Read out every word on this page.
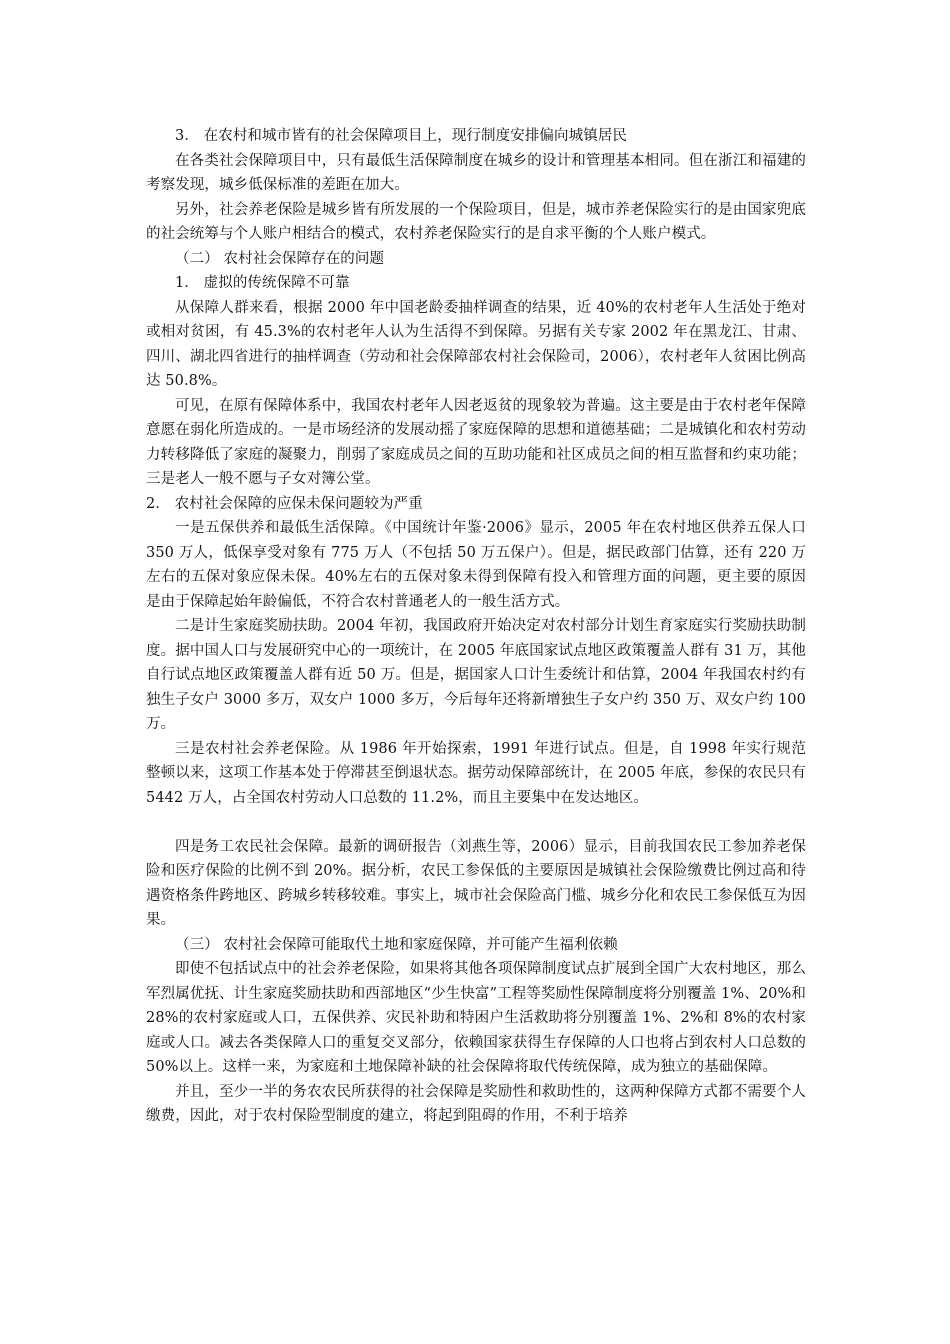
3． 在农村和城市皆有的社会保障项目上，现行制度安排偏向城镇居民

在各类社会保障项目中，只有最低生活保障制度在城乡的设计和管理基本相同。但在浙江和福建的考察发现，城乡低保标准的差距在加大。

另外，社会养老保险是城乡皆有所发展的一个保险项目，但是，城市养老保险实行的是由国家兜底的社会统筹与个人账户相结合的模式，农村养老保险实行的是自求平衡的个人账户模式。

（二） 农村社会保障存在的问题

1． 虚拟的传统保障不可靠

从保障人群来看，根据 2000 年中国老龄委抽样调查的结果，近 40%的农村老年人生活处于绝对或相对贫困，有 45.3%的农村老年人认为生活得不到保障。另据有关专家 2002 年在黑龙江、甘肃、四川、湖北四省进行的抽样调查（劳动和社会保障部农村社会保险司，2006），农村老年人贫困比例高达 50.8%。

可见，在原有保障体系中，我国农村老年人因老返贫的现象较为普遍。这主要是由于农村老年保障意愿在弱化所造成的。一是市场经济的发展动摇了家庭保障的思想和道德基础；二是城镇化和农村劳动力转移降低了家庭的凝聚力，削弱了家庭成员之间的互助功能和社区成员之间的相互监督和约束功能；三是老人一般不愿与子女对簿公堂。

2． 农村社会保障的应保未保问题较为严重

一是五保供养和最低生活保障。《中国统计年鉴·2006》显示，2005 年在农村地区供养五保人口 350 万人，低保享受对象有 775 万人（不包括 50 万五保户）。但是，据民政部门估算，还有 220 万左右的五保对象应保未保。40%左右的五保对象未得到保障有投入和管理方面的问题，更主要的原因是由于保障起始年龄偏低，不符合农村普通老人的一般生活方式。

二是计生家庭奖励扶助。2004 年初，我国政府开始决定对农村部分计划生育家庭实行奖励扶助制度。据中国人口与发展研究中心的一项统计，在 2005 年底国家试点地区政策覆盖人群有 31 万，其他自行试点地区政策覆盖人群有近 50 万。但是，据国家人口计生委统计和估算，2004 年我国农村约有独生子女户 3000 多万，双女户 1000 多万，今后每年还将新增独生子女户约 350 万、双女户约 100 万。

三是农村社会养老保险。从 1986 年开始探索，1991 年进行试点。但是，自 1998 年实行规范整顿以来，这项工作基本处于停滞甚至倒退状态。据劳动保障部统计，在 2005 年底，参保的农民只有 5442 万人，占全国农村劳动人口总数的 11.2%，而且主要集中在发达地区。

四是务工农民社会保障。最新的调研报告（刘燕生等，2006）显示，目前我国农民工参加养老保险和医疗保险的比例不到 20%。据分析，农民工参保低的主要原因是城镇社会保险缴费比例过高和待遇资格条件跨地区、跨城乡转移较难。事实上，城市社会保险高门槛、城乡分化和农民工参保低互为因果。

（三） 农村社会保障可能取代土地和家庭保障，并可能产生福利依赖

即使不包括试点中的社会养老保险，如果将其他各项保障制度试点扩展到全国广大农村地区，那么军烈属优抚、计生家庭奖励扶助和西部地区“少生快富”工程等奖励性保障制度将分别覆盖 1%、20%和 28%的农村家庭或人口，五保供养、灾民补助和特困户生活救助将分别覆盖 1%、2%和 8%的农村家庭或人口。减去各类保障人口的重复交叉部分，依赖国家获得生存保障的人口也将占到农村人口总数的 50%以上。这样一来，为家庭和土地保障补缺的社会保障将取代传统保障，成为独立的基础保障。

并且，至少一半的务农农民所获得的社会保障是奖励性和救助性的，这两种保障方式都不需要个人缴费，因此，对于农村保险型制度的建立，将起到阻碍的作用，不利于培养
